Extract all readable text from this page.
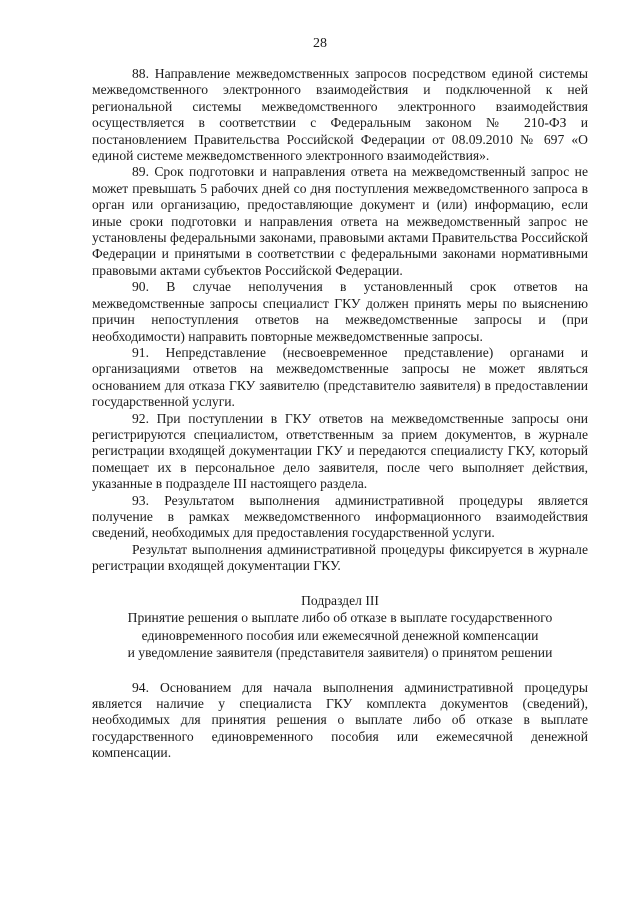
28

88. Направление межведомственных запросов посредством единой системы межведомственного электронного взаимодействия и подключенной к ней региональной системы межведомственного электронного взаимодействия осуществляется в соответствии с Федеральным законом № 210-ФЗ и постановлением Правительства Российской Федерации от 08.09.2010 № 697 «О единой системе межведомственного электронного взаимодействия».

89. Срок подготовки и направления ответа на межведомственный запрос не может превышать 5 рабочих дней со дня поступления межведомственного запроса в орган или организацию, предоставляющие документ и (или) информацию, если иные сроки подготовки и направления ответа на межведомственный запрос не установлены федеральными законами, правовыми актами Правительства Российской Федерации и принятыми в соответствии с федеральными законами нормативными правовыми актами субъектов Российской Федерации.

90. В случае неполучения в установленный срок ответов на межведомственные запросы специалист ГКУ должен принять меры по выяснению причин непоступления ответов на межведомственные запросы и (при необходимости) направить повторные межведомственные запросы.

91. Непредставление (несвоевременное представление) органами и организациями ответов на межведомственные запросы не может являться основанием для отказа ГКУ заявителю (представителю заявителя) в предоставлении государственной услуги.

92. При поступлении в ГКУ ответов на межведомственные запросы они регистрируются специалистом, ответственным за прием документов, в журнале регистрации входящей документации ГКУ и передаются специалисту ГКУ, который помещает их в персональное дело заявителя, после чего выполняет действия, указанные в подразделе III настоящего раздела.

93. Результатом выполнения административной процедуры является получение в рамках межведомственного информационного взаимодействия сведений, необходимых для предоставления государственной услуги.

Результат выполнения административной процедуры фиксируется в журнале регистрации входящей документации ГКУ.

Подраздел III

Принятие решения о выплате либо об отказе в выплате государственного

единовременного пособия или ежемесячной денежной компенсации

и уведомление заявителя (представителя заявителя) о принятом решении

94. Основанием для начала выполнения административной процедуры является наличие у специалиста ГКУ комплекта документов (сведений), необходимых для принятия решения о выплате либо об отказе в выплате государственного единовременного пособия или ежемесячной денежной компенсации.
